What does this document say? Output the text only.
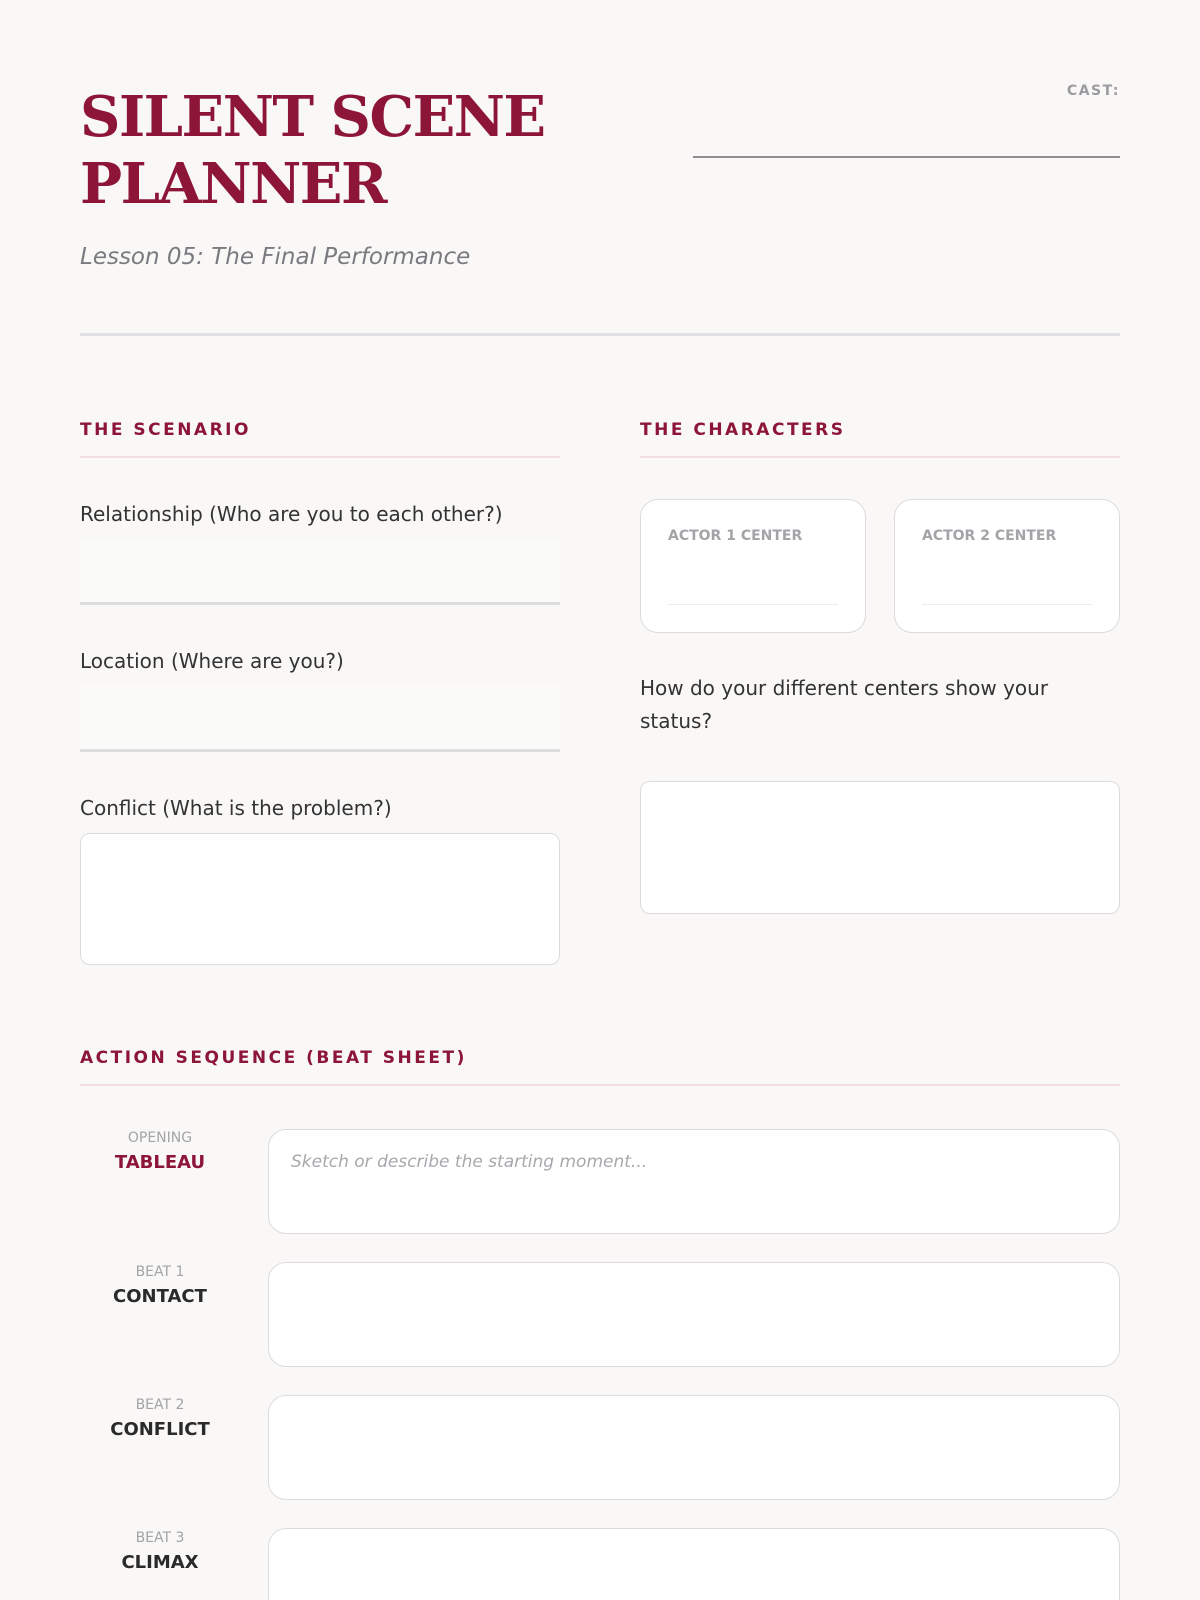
SILENT SCENE PLANNER
Lesson 05: The Final Performance
CAST:
THE SCENARIO
Relationship (Who are you to each other?)
Location (Where are you?)
Conflict (What is the problem?)
THE CHARACTERS
ACTOR 1 CENTER	ACTOR 2 CENTER
How do your different centers show your status?
ACTION SEQUENCE (BEAT SHEET)
OPENING
TABLEAU	Sketch or describe the starting moment...
BEAT 1
CONTACT
BEAT 2
CONFLICT
BEAT 3
CLIMAX
